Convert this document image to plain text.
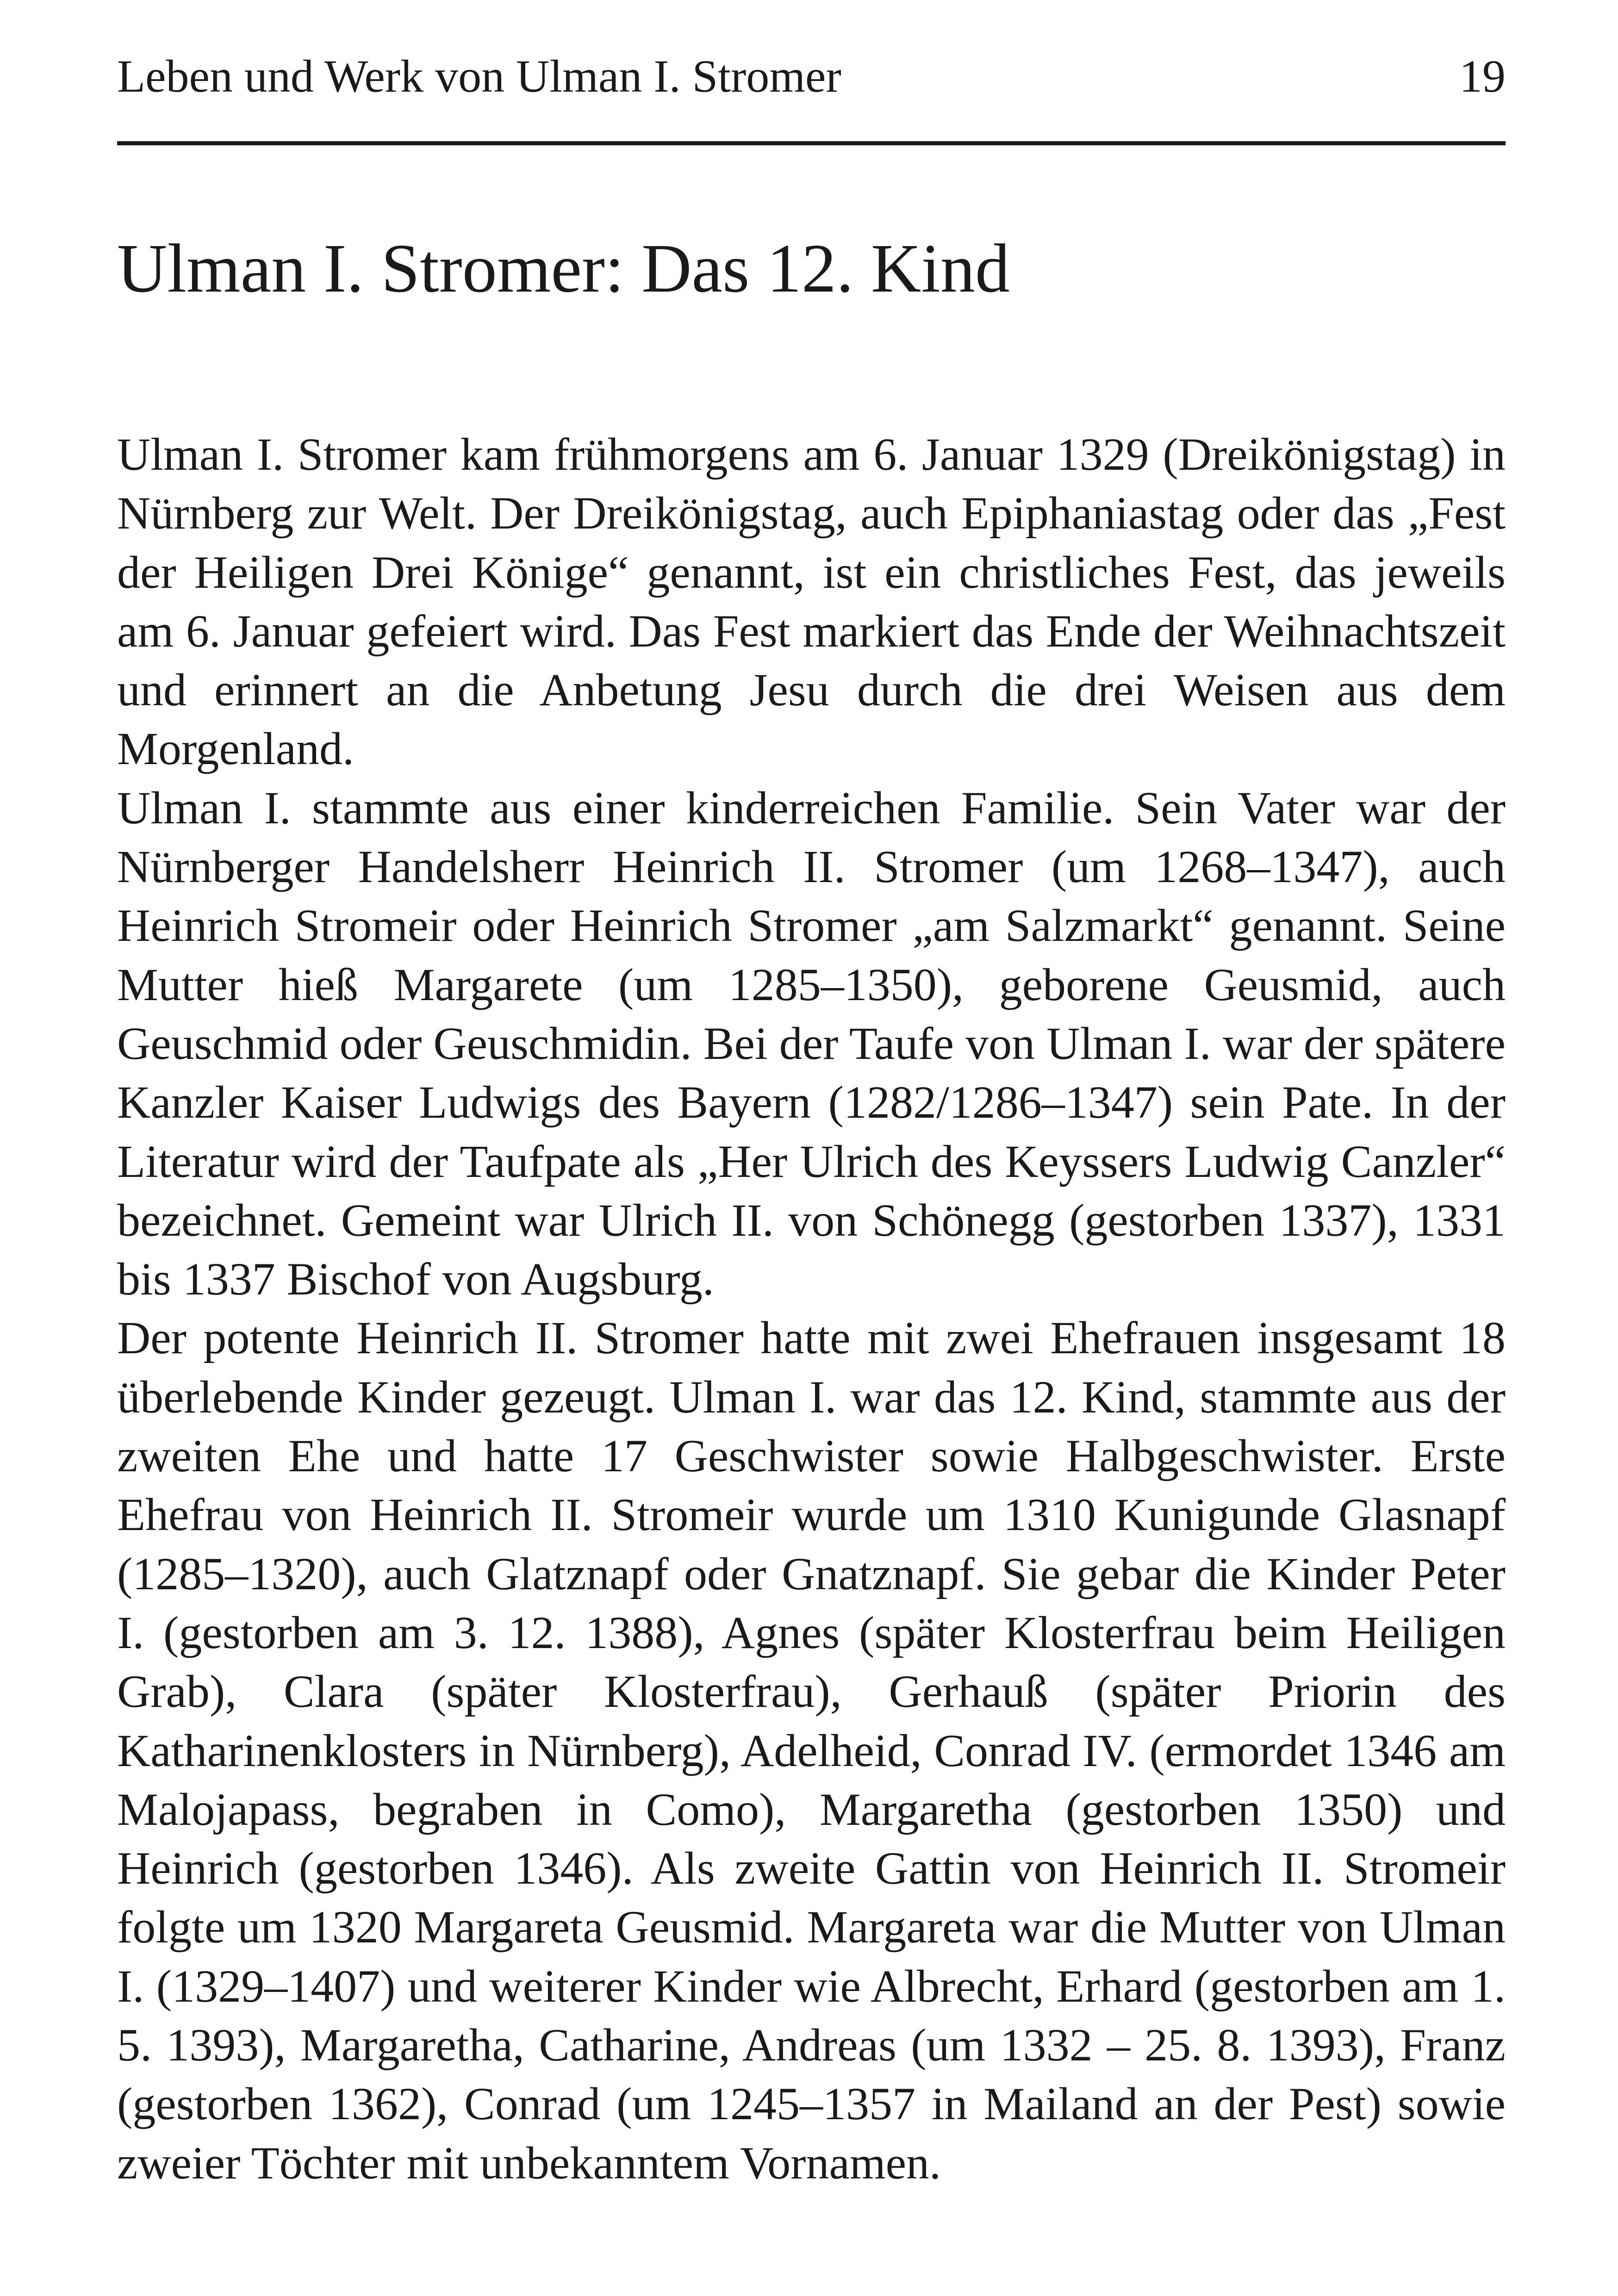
Leben und Werk von Ulman I. Stromer	19
Ulman I. Stromer: Das 12. Kind

Ulman I. Stromer kam frühmorgens am 6. Januar 1329 (Dreikönigstag) in Nürnberg zur Welt. Der Dreikönigstag, auch Epiphaniastag oder das „Fest der Heiligen Drei Könige“ genannt, ist ein christliches Fest, das jeweils am 6. Januar gefeiert wird. Das Fest markiert das Ende der Weihnachtszeit und erinnert an die Anbetung Jesu durch die drei Weisen aus dem Morgenland.

Ulman I. stammte aus einer kinderreichen Familie. Sein Vater war der Nürnberger Handelsherr Heinrich II. Stromer (um 1268–1347), auch Heinrich Stromeir oder Heinrich Stromer „am Salzmarkt“ genannt. Seine Mutter hieß Margarete (um 1285–1350), geborene Geusmid, auch Geuschmid oder Geuschmidin. Bei der Taufe von Ulman I. war der spätere Kanzler Kaiser Ludwigs des Bayern (1282/1286–1347) sein Pate. In der Literatur wird der Taufpate als „Her Ulrich des Keyssers Ludwig Canzler“ bezeichnet. Gemeint war Ulrich II. von Schönegg (gestorben 1337), 1331 bis 1337 Bischof von Augsburg.

Der potente Heinrich II. Stromer hatte mit zwei Ehefrauen insgesamt 18 überlebende Kinder gezeugt. Ulman I. war das 12. Kind, stammte aus der zweiten Ehe und hatte 17 Geschwister sowie Halbgeschwister. Erste Ehefrau von Heinrich II. Stromeir wurde um 1310 Kunigunde Glasnapf (1285–1320), auch Glatznapf oder Gnatznapf. Sie gebar die Kinder Peter I. (gestorben am 3. 12. 1388), Agnes (später Klosterfrau beim Heiligen Grab), Clara (später Klosterfrau), Gerhauß (später Priorin des Katharinenklosters in Nürnberg), Adelheid, Conrad IV. (ermordet 1346 am Malojapass, begraben in Como), Margaretha (gestorben 1350) und Heinrich (gestorben 1346). Als zweite Gattin von Heinrich II. Stromeir folgte um 1320 Margareta Geusmid. Margareta war die Mutter von Ulman I. (1329–1407) und weiterer Kinder wie Albrecht, Erhard (gestorben am 1. 5. 1393), Margaretha, Catharine, Andreas (um 1332 – 25. 8. 1393), Franz (gestorben 1362), Conrad (um 1245–1357 in Mailand an der Pest) sowie zweier Töchter mit unbekanntem Vornamen.
